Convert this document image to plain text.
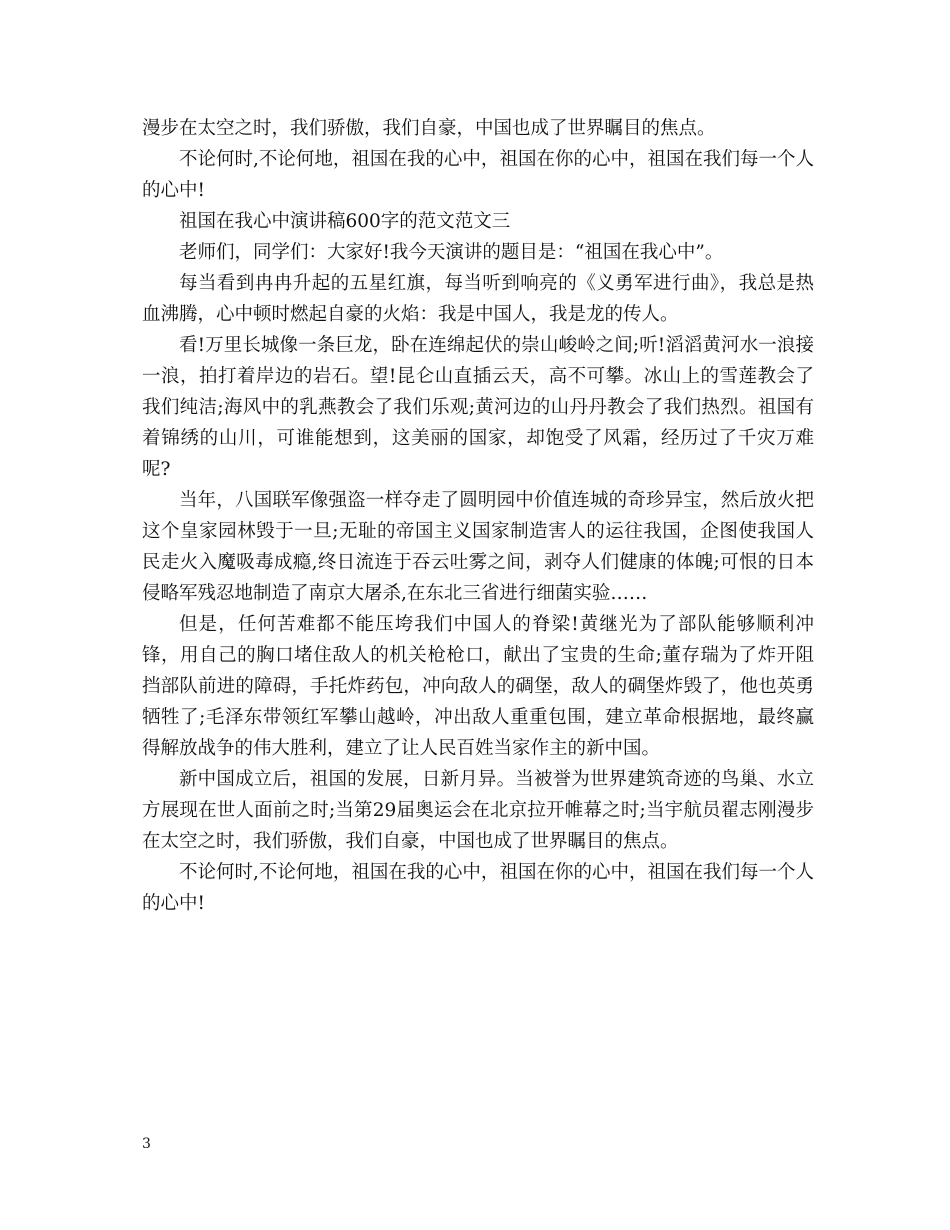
漫步在太空之时，我们骄傲，我们自豪，中国也成了世界瞩目的焦点。

不论何时,不论何地，祖国在我的心中，祖国在你的心中，祖国在我们每一个人的心中!

祖国在我心中演讲稿600字的范文范文三

老师们，同学们：大家好!我今天演讲的题目是：“祖国在我心中”。

每当看到冉冉升起的五星红旗，每当听到响亮的《义勇军进行曲》，我总是热血沸腾，心中顿时燃起自豪的火焰：我是中国人，我是龙的传人。

看!万里长城像一条巨龙，卧在连绵起伏的崇山峻岭之间;听!滔滔黄河水一浪接一浪，拍打着岸边的岩石。望!昆仑山直插云天，高不可攀。冰山上的雪莲教会了我们纯洁;海风中的乳燕教会了我们乐观;黄河边的山丹丹教会了我们热烈。祖国有着锦绣的山川，可谁能想到，这美丽的国家，却饱受了风霜，经历过了千灾万难呢?

当年，八国联军像强盗一样夺走了圆明园中价值连城的奇珍异宝，然后放火把这个皇家园林毁于一旦;无耻的帝国主义国家制造害人的运往我国，企图使我国人民走火入魔吸毒成瘾,终日流连于吞云吐雾之间，剥夺人们健康的体魄;可恨的日本侵略军残忍地制造了南京大屠杀,在东北三省进行细菌实验……

但是，任何苦难都不能压垮我们中国人的脊梁!黄继光为了部队能够顺利冲锋，用自己的胸口堵住敌人的机关枪枪口，献出了宝贵的生命;董存瑞为了炸开阻挡部队前进的障碍，手托炸药包，冲向敌人的碉堡，敌人的碉堡炸毁了，他也英勇牺牲了;毛泽东带领红军攀山越岭，冲出敌人重重包围，建立革命根据地，最终赢得解放战争的伟大胜利，建立了让人民百姓当家作主的新中国。

新中国成立后，祖国的发展，日新月异。当被誉为世界建筑奇迹的鸟巢、水立方展现在世人面前之时;当第29届奥运会在北京拉开帷幕之时;当宇航员翟志刚漫步在太空之时，我们骄傲，我们自豪，中国也成了世界瞩目的焦点。

不论何时,不论何地，祖国在我的心中，祖国在你的心中，祖国在我们每一个人的心中!

3
